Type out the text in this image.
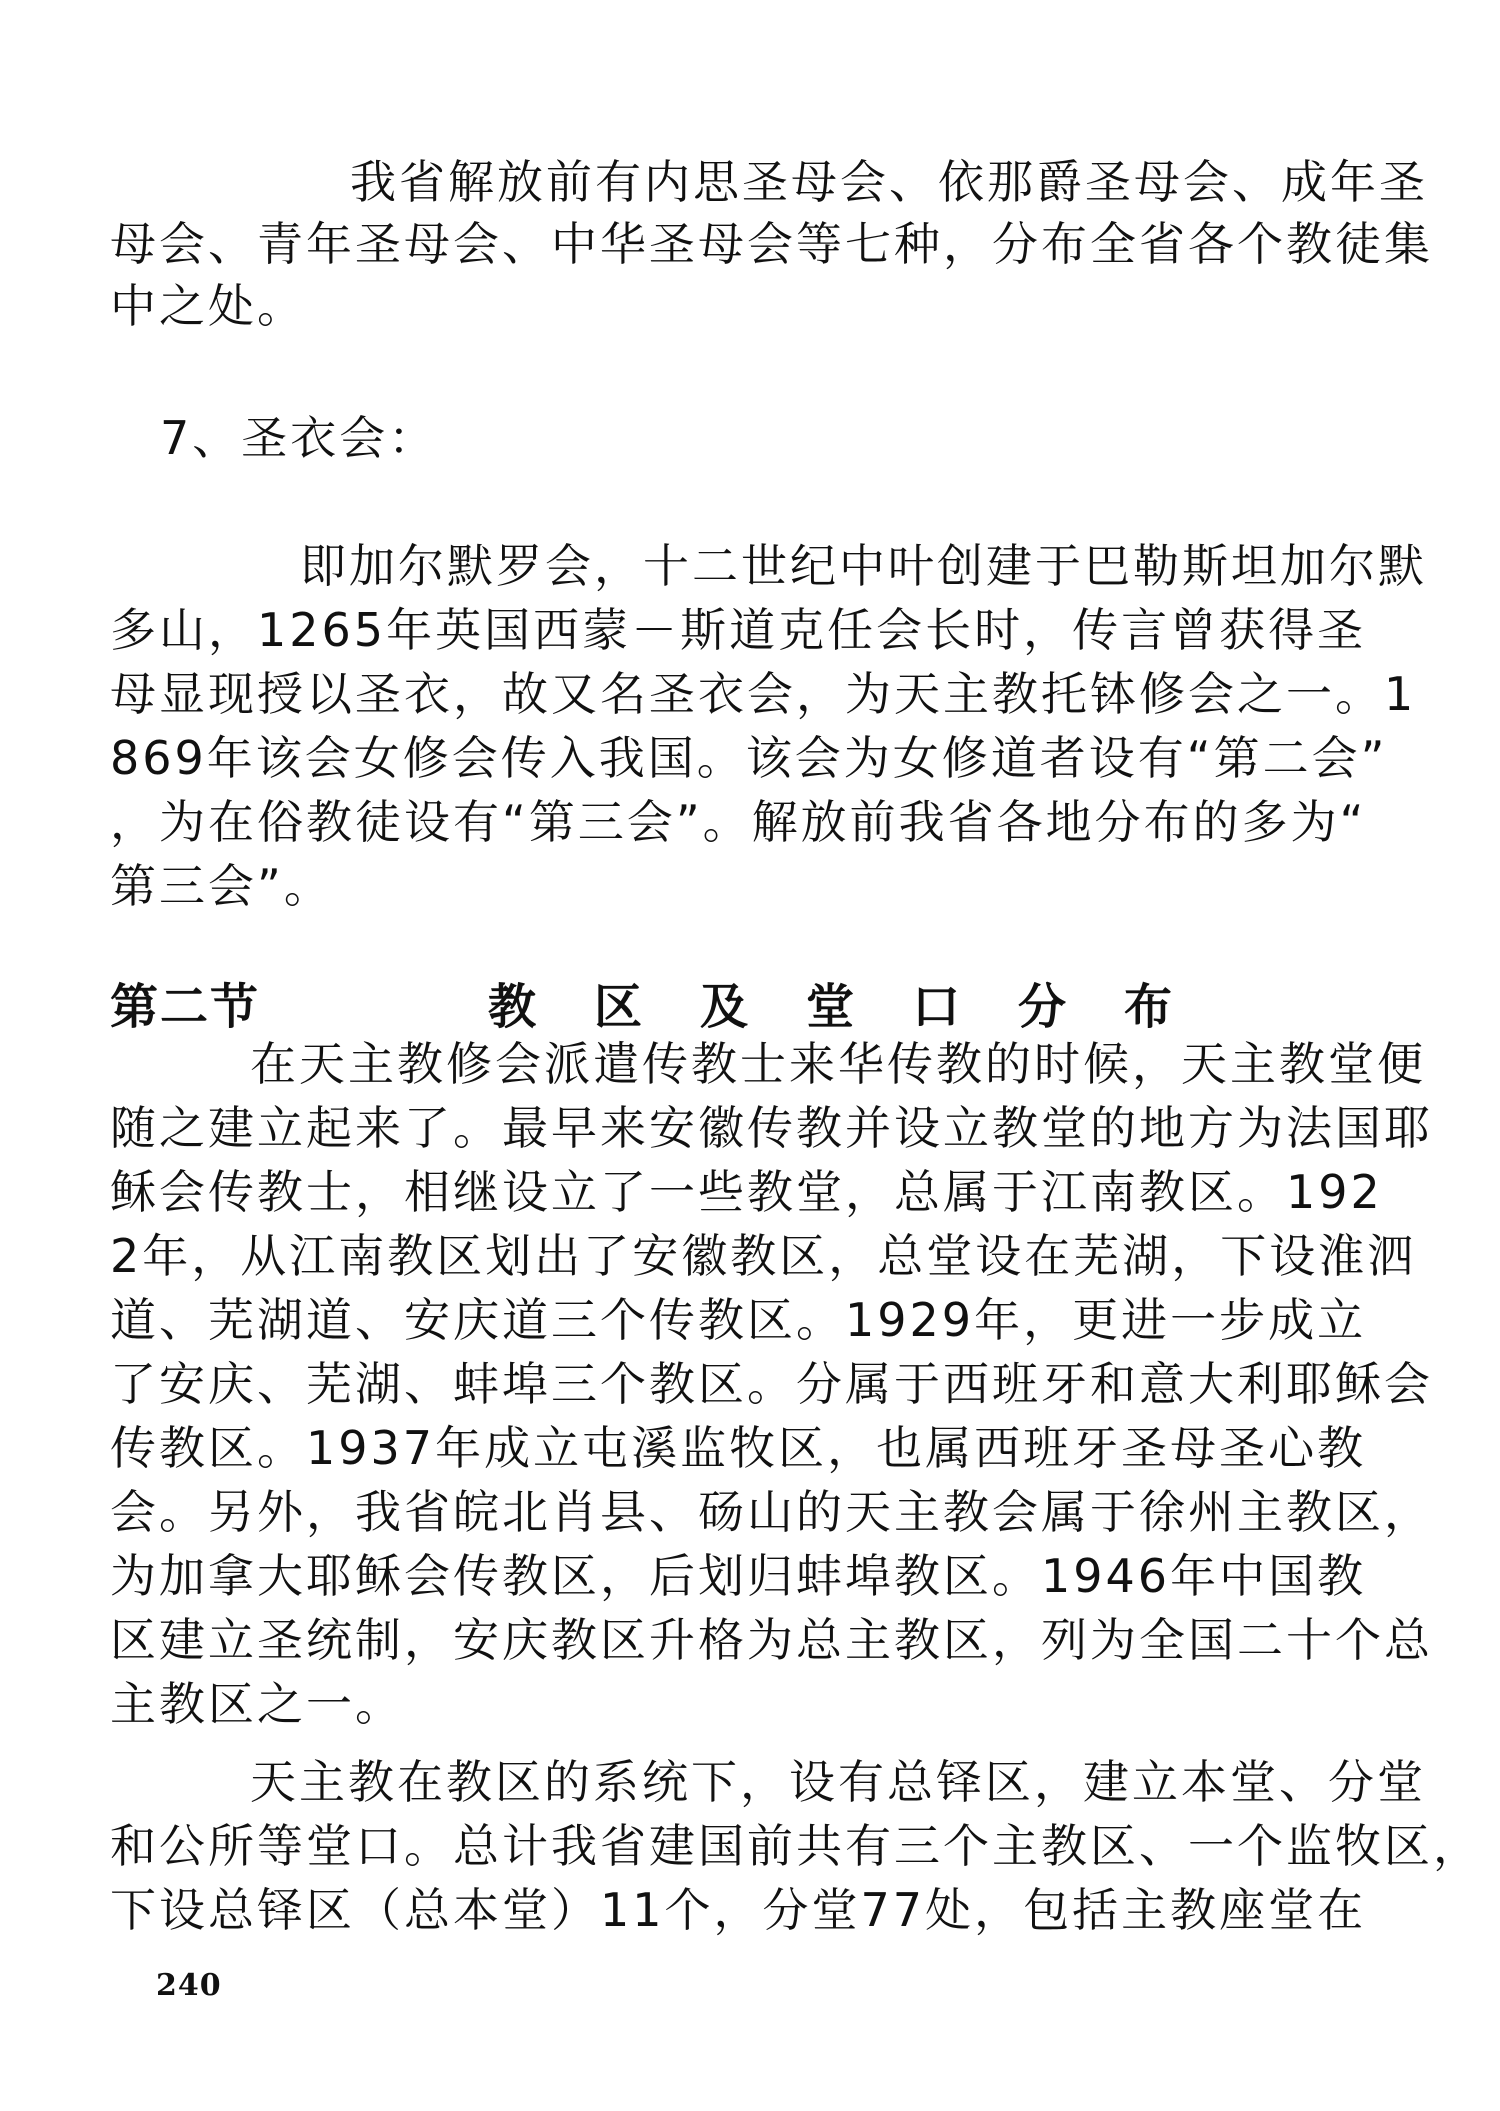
我省解放前有内思圣母会、依那爵圣母会、成年圣
母会、青年圣母会、中华圣母会等七种，分布全省各个教徒集
中之处。
7、圣衣会：
即加尔默罗会，十二世纪中叶创建于巴勒斯坦加尔默
多山，1265年英国西蒙－斯道克任会长时，传言曾获得圣
母显现授以圣衣，故又名圣衣会，为天主教托钵修会之一。1
869年该会女修会传入我国。该会为女修道者设有“第二会”
，为在俗教徒设有“第三会”。解放前我省各地分布的多为“
第三会”。
第二节	教区及堂口分布
在天主教修会派遣传教士来华传教的时候，天主教堂便
随之建立起来了。最早来安徽传教并设立教堂的地方为法国耶
稣会传教士，相继设立了一些教堂，总属于江南教区。192
2年，从江南教区划出了安徽教区，总堂设在芜湖，下设淮泗
道、芜湖道、安庆道三个传教区。1929年，更进一步成立
了安庆、芜湖、蚌埠三个教区。分属于西班牙和意大利耶稣会
传教区。1937年成立屯溪监牧区，也属西班牙圣母圣心教
会。另外，我省皖北肖县、砀山的天主教会属于徐州主教区，
为加拿大耶稣会传教区，后划归蚌埠教区。1946年中国教
区建立圣统制，安庆教区升格为总主教区，列为全国二十个总
主教区之一。
天主教在教区的系统下，设有总铎区，建立本堂、分堂
和公所等堂口。总计我省建国前共有三个主教区、一个监牧区，
下设总铎区（总本堂）11个，分堂77处，包括主教座堂在
240
